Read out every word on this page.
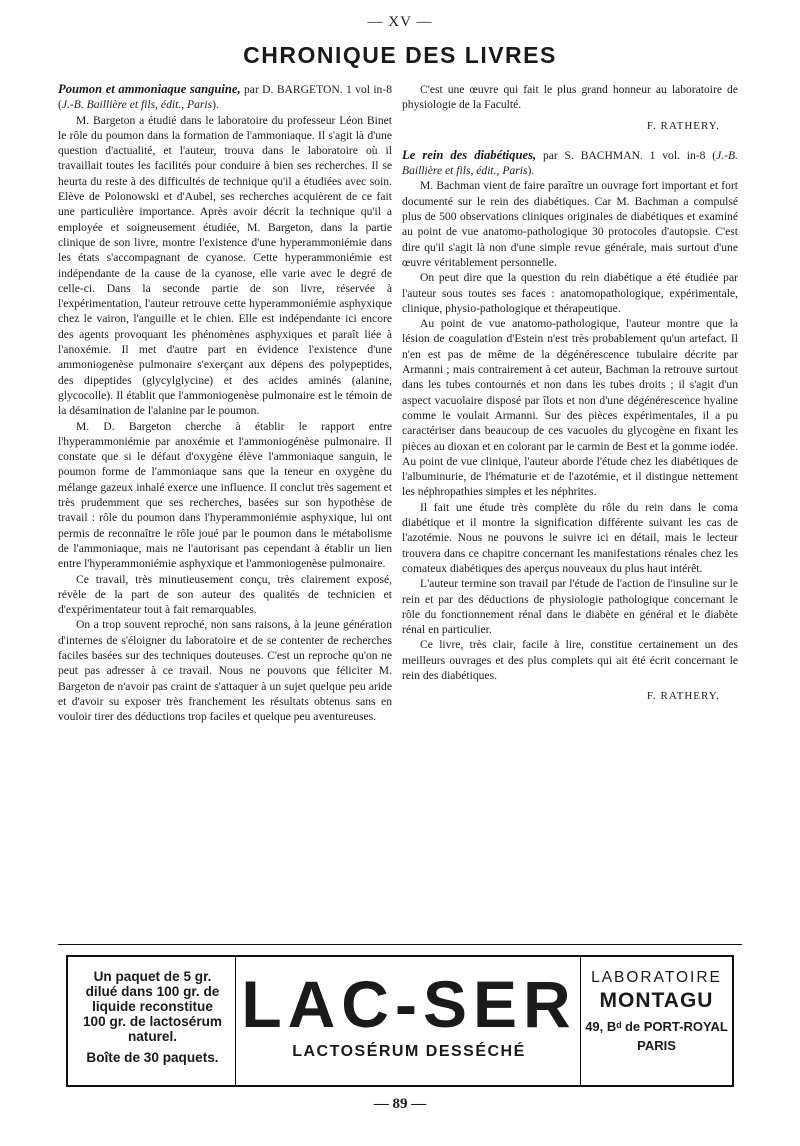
— XV —
CHRONIQUE DES LIVRES

Poumon et ammoniaque sanguine, par D. BARGETON. 1 vol in-8 (J.-B. Baillière et fils, édit., Paris).

M. Bargeton a étudié dans le laboratoire du professeur Léon Binet le rôle du poumon dans la formation de l'ammoniaque. Il s'agit là d'une question d'actualité, et l'auteur, trouva dans le laboratoire où il travaillait toutes les facilités pour conduire à bien ses recherches. Il se heurta du reste à des difficultés de technique qu'il a étudiées avec soin. Elève de Polonowski et d'Aubel, ses recherches acquièrent de ce fait une particulière importance. Après avoir décrit la technique qu'il a employée et soigneusement étudiée, M. Bargeton, dans la partie clinique de son livre, montre l'existence d'une hyperammoniémie dans les états s'accompagnant de cyanose. Cette hyperammoniémie est indépendante de la cause de la cyanose, elle varie avec le degré de celle-ci. Dans la seconde partie de son livre, réservée à l'expérimentation, l'auteur retrouve cette hyperammoniémie asphyxique chez le vairon, l'anguille et le chien. Elle est indépendante ici encore des agents provoquant les phénomènes asphyxiques et paraît liée à l'anoxémie. Il met d'autre part en évidence l'existence d'une ammoniogenèse pulmonaire s'exerçant aux dépens des polypeptides, des dipeptides (glycylglycine) et des acides aminés (alanine, glycocolle). Il établit que l'ammoniogenèse pulmonaire est le témoin de la désamination de l'alanine par le poumon.

M. D. Bargeton cherche à établir le rapport entre l'hyperammoniémie par anoxémie et l'ammoniogénèse pulmonaire. Il constate que si le défaut d'oxygène élève l'ammoniaque sanguin, le poumon forme de l'ammoniaque sans que la teneur en oxygène du mélange gazeux inhalé exerce une influence. Il conclut très sagement et très prudemment que ses recherches, basées sur son hypothèse de travail : rôle du poumon dans l'hyperammoniémie asphyxique, lui ont permis de reconnaître le rôle joué par le poumon dans le métabolisme de l'ammoniaque, mais ne l'autorisant pas cependant à établir un lien entre l'hyperammoniémie asphyxique et l'ammoniogenèse pulmonaire.

Ce travail, très minutieusement conçu, très clairement exposé, révèle de la part de son auteur des qualités de technicien et d'expérimentateur tout à fait remarquables.

On a trop souvent reproché, non sans raisons, à la jeune génération d'internes de s'éloigner du laboratoire et de se contenter de recherches faciles basées sur des techniques douteuses. C'est un reproche qu'on ne peut pas adresser à ce travail. Nous ne pouvons que féliciter M. Bargeton de n'avoir pas craint de s'attaquer à un sujet quelque peu aride et d'avoir su exposer très franchement les résultats obtenus sans en vouloir tirer des déductions trop faciles et quelque peu aventureuses.

C'est une œuvre qui fait le plus grand honneur au laboratoire de physiologie de la Faculté.

F. RATHERY.

Le rein des diabétiques, par S. BACHMAN. 1 vol. in-8 (J.-B. Baillière et fils, édit., Paris).

M. Bachman vient de faire paraître un ouvrage fort important et fort documenté sur le rein des diabétiques. Car M. Bachman a compulsé plus de 500 observations cliniques originales de diabétiques et examiné au point de vue anatomo-pathologique 30 protocoles d'autopsie. C'est dire qu'il s'agit là non d'une simple revue générale, mais surtout d'une œuvre véritablement personnelle.

On peut dire que la question du rein diabétique a été étudiée par l'auteur sous toutes ses faces : anatomopathologique, expérimentale, clinique, physio-pathologique et thérapeutique.

Au point de vue anatomo-pathologique, l'auteur montre que la lésion de coagulation d'Estein n'est très probablement qu'un artefact. Il n'en est pas de même de la dégénérescence tubulaire décrite par Armanni ; mais contrairement à cet auteur, Bachman la retrouve surtout dans les tubes contournés et non dans les tubes droits ; il s'agit d'un aspect vacuolaire disposé par îlots et non d'une dégénérescence hyaline comme le voulait Armanni. Sur des pièces expérimentales, il a pu caractériser dans beaucoup de ces vacuoles du glycogène en fixant les pièces au dioxan et en colorant par le carmin de Best et la gomme iodée. Au point de vue clinique, l'auteur aborde l'étude chez les diabétiques de l'albuminurie, de l'hématurie et de l'azotémie, et il distingue nettement les néphropathies simples et les néphrites.

Il fait une étude très complète du rôle du rein dans le coma diabétique et il montre la signification différente suivant les cas de l'azotémie. Nous ne pouvons le suivre ici en détail, mais le lecteur trouvera dans ce chapitre concernant les manifestations rénales chez les comateux diabétiques des aperçus nouveaux du plus haut intérêt.

L'auteur termine son travail par l'étude de l'action de l'insuline sur le rein et par des déductions de physiologie pathologique concernant le rôle du fonctionnement rénal dans le diabète en général et le diabète rénal en particulier.

Ce livre, très clair, facile à lire, constitue certainement un des meilleurs ouvrages et des plus complets qui ait été écrit concernant le rein des diabétiques.

F. RATHERY.
Un paquet de 5 gr.
dilué dans 100 gr. de
liquide reconstitue
100 gr. de lactosérum
naturel.
Boîte de 30 paquets.
LAC-SER
LACTOSÉRUM DESSÉCHÉ
LABORATOIRE
MONTAGU
49, Bᵈ de PORT-ROYAL
PARIS
— 89 —
